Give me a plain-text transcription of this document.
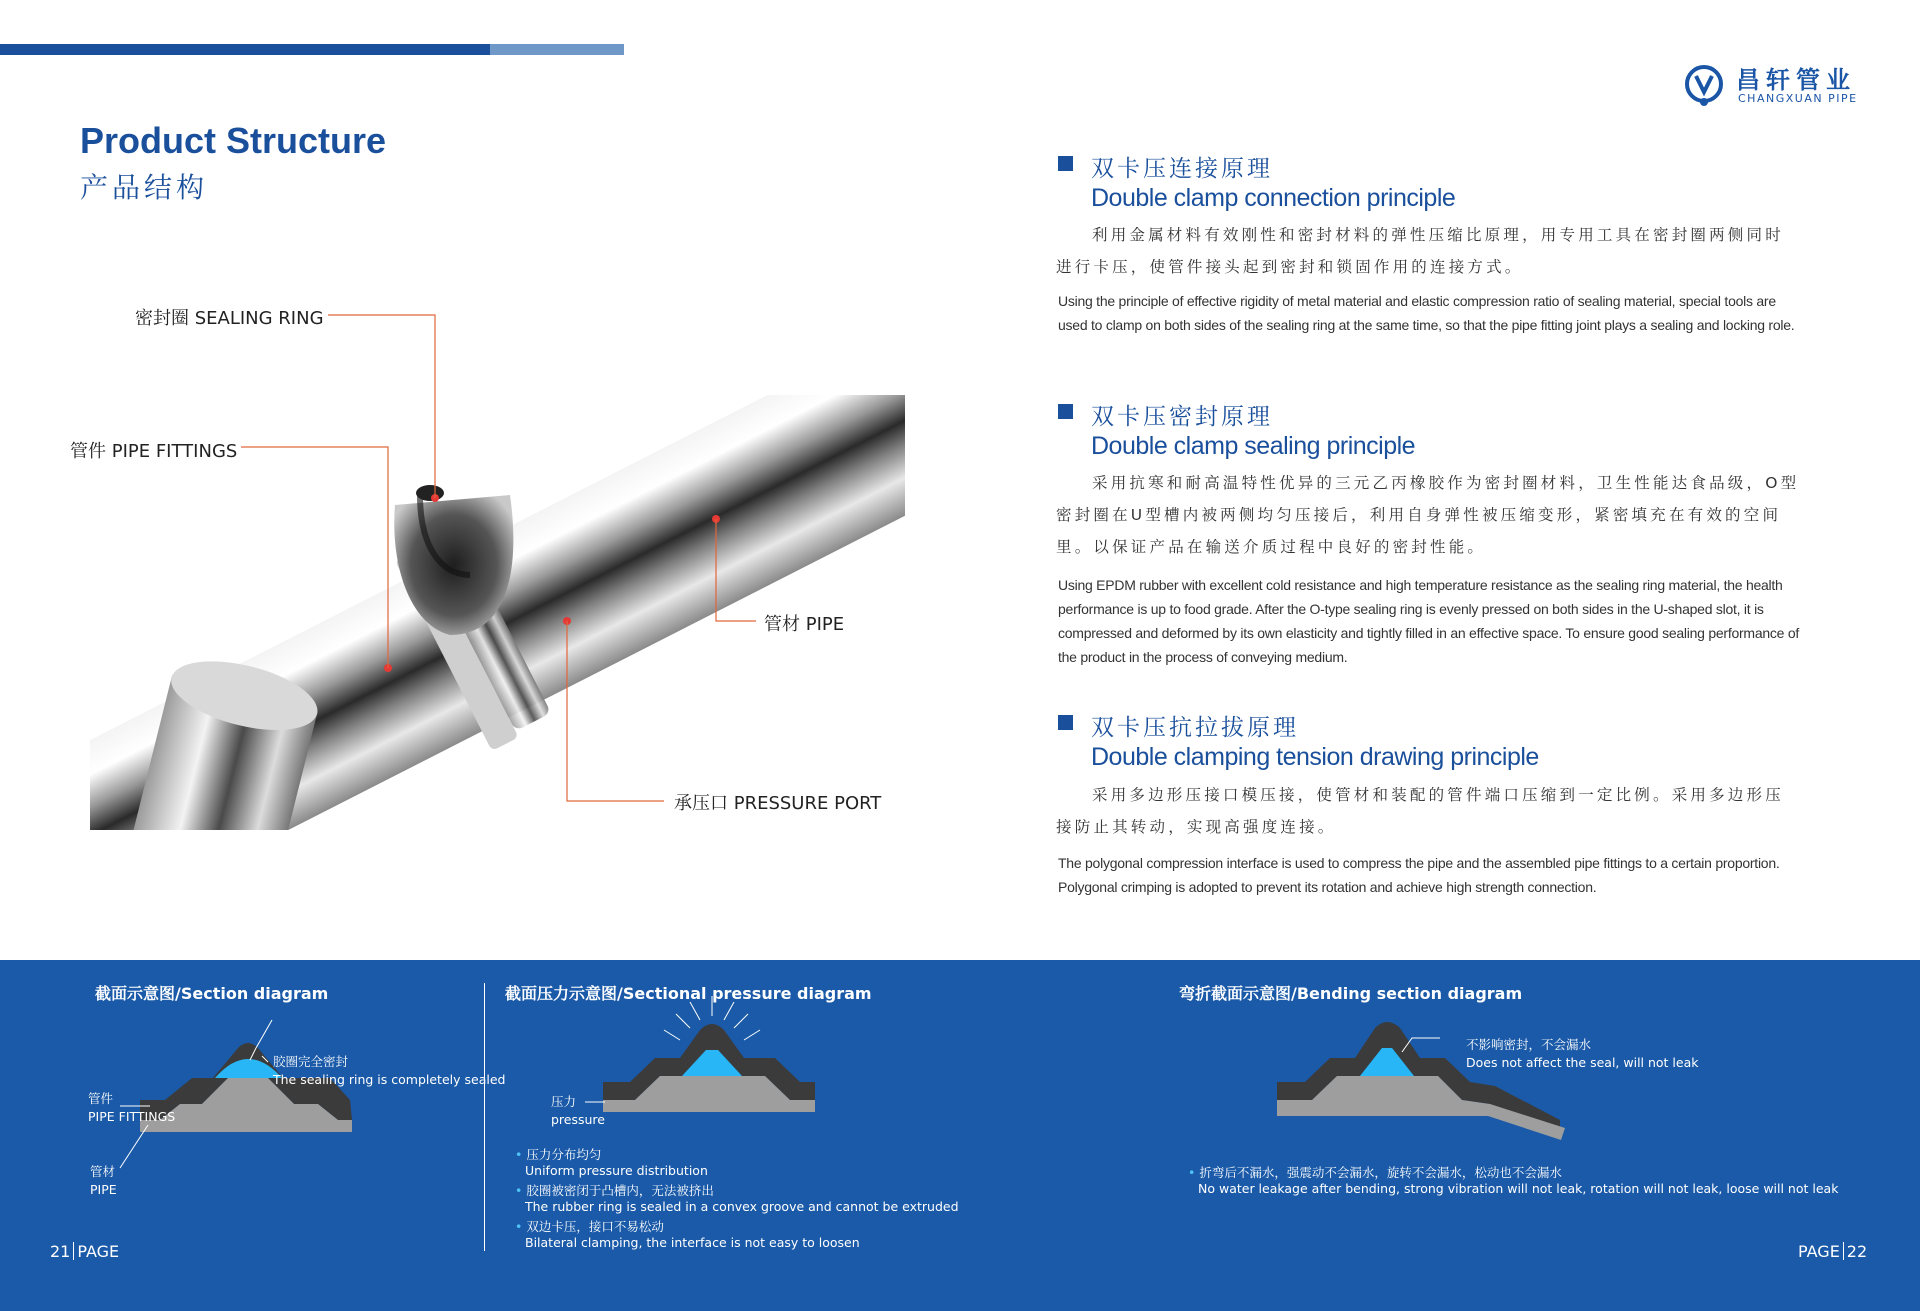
昌轩管业
CHANGXUAN PIPE
Product Structure
产品结构
密封圈 SEALING RING
管件 PIPE FITTINGS
管材 PIPE
承压口 PRESSURE PORT
双卡压连接原理
Double clamp connection principle
利用金属材料有效刚性和密封材料的弹性压缩比原理，用专用工具在密封圈两侧同时进行卡压，使管件接头起到密封和锁固作用的连接方式。
Using the principle of effective rigidity of metal material and elastic compression ratio of sealing material, special tools are used to clamp on both sides of the sealing ring at the same time, so that the pipe fitting joint plays a sealing and locking role.
双卡压密封原理
Double clamp sealing principle
采用抗寒和耐高温特性优异的三元乙丙橡胶作为密封圈材料，卫生性能达食品级，O型密封圈在U型槽内被两侧均匀压接后，利用自身弹性被压缩变形，紧密填充在有效的空间里。以保证产品在输送介质过程中良好的密封性能。
Using EPDM rubber with excellent cold resistance and high temperature resistance as the sealing ring material, the health performance is up to food grade. After the O-type sealing ring is evenly pressed on both sides in the U-shaped slot, it is compressed and deformed by its own elasticity and tightly filled in an effective space. To ensure good sealing performance of the product in the process of conveying medium.
双卡压抗拉拔原理
Double clamping tension drawing principle
采用多边形压接口模压接，使管材和装配的管件端口压缩到一定比例。采用多边形压接防止其转动，实现高强度连接。
The polygonal compression interface is used to compress the pipe and the assembled pipe fittings to a certain proportion. Polygonal crimping is adopted to prevent its rotation and achieve high strength connection.
截面示意图/Section diagram	截面压力示意图/Sectional pressure diagram	弯折截面示意图/Bending section diagram
胶圈完全密封
The sealing ring is completely sealed
管件
PIPE FITTINGS
管材
PIPE
压力
pressure
• 压力分布均匀
Uniform pressure distribution
• 胶圈被密闭于凸槽内，无法被挤出
The rubber ring is sealed in a convex groove and cannot be extruded
• 双边卡压，接口不易松动
Bilateral clamping, the interface is not easy to loosen
不影响密封，不会漏水
Does not affect the seal, will not leak
• 折弯后不漏水，强震动不会漏水，旋转不会漏水，松动也不会漏水
No water leakage after bending, strong vibration will not leak, rotation will not leak, loose will not leak
21 PAGE	PAGE 22
